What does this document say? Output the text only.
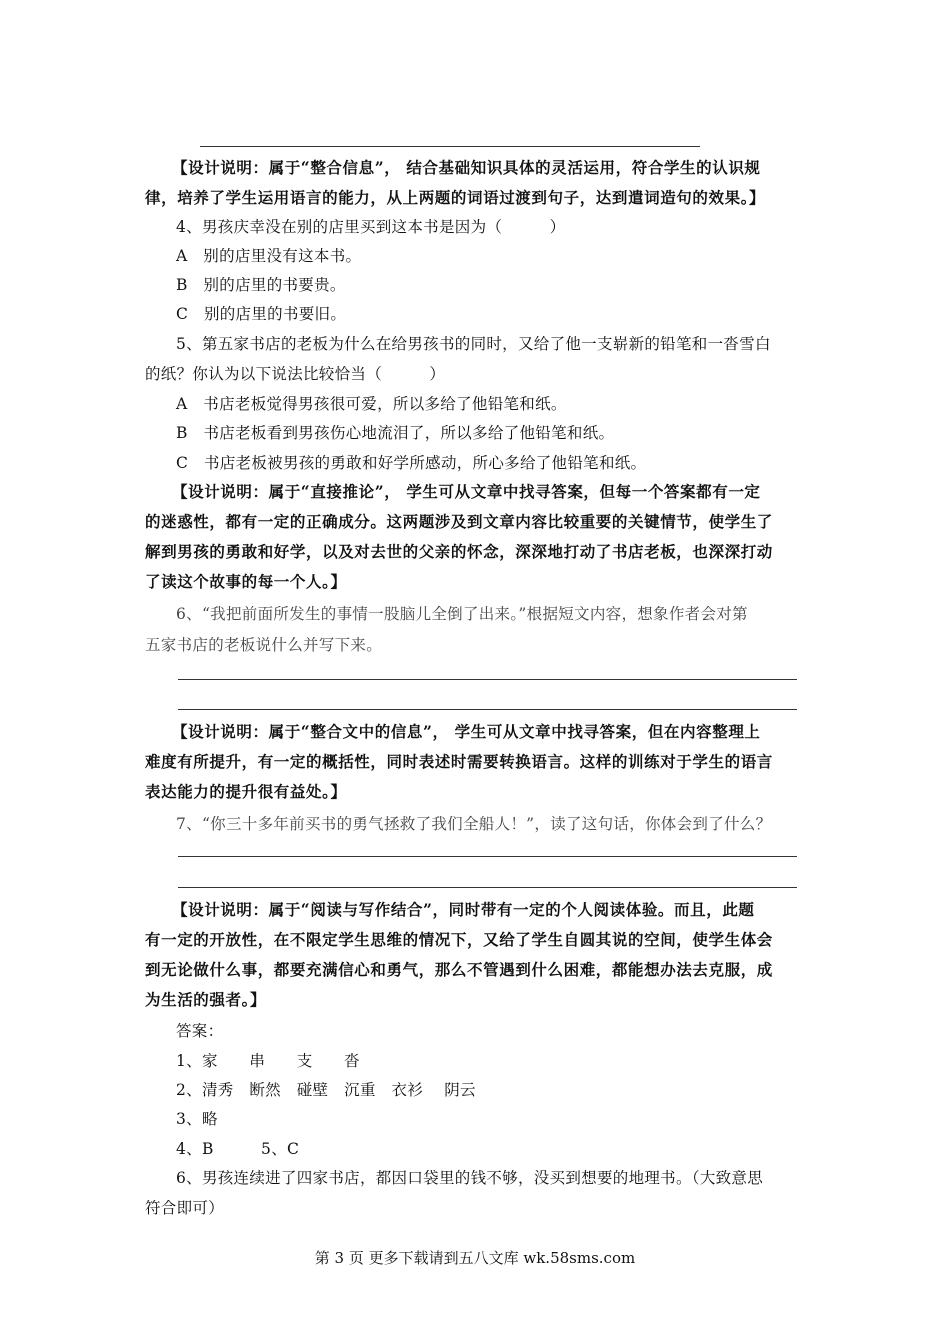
【设计说明：属于“整合信息”， 结合基础知识具体的灵活运用，符合学生的认识规
律，培养了学生运用语言的能力，从上两题的词语过渡到句子，达到遣词造句的效果。】
4、男孩庆幸没在别的店里买到这本书是因为（　　　）
A　别的店里没有这本书。
B　别的店里的书要贵。
C　别的店里的书要旧。
5、第五家书店的老板为什么在给男孩书的同时，又给了他一支崭新的铅笔和一沓雪白
的纸？你认为以下说法比较恰当（　　　）
A　书店老板觉得男孩很可爱，所以多给了他铅笔和纸。
B　书店老板看到男孩伤心地流泪了，所以多给了他铅笔和纸。
C　书店老板被男孩的勇敢和好学所感动，所心多给了他铅笔和纸。
【设计说明：属于“直接推论”， 学生可从文章中找寻答案，但每一个答案都有一定
的迷惑性，都有一定的正确成分。这两题涉及到文章内容比较重要的关键情节，使学生了
解到男孩的勇敢和好学，以及对去世的父亲的怀念，深深地打动了书店老板，也深深打动
了读这个故事的每一个人。】
6、“我把前面所发生的事情一股脑儿全倒了出来。”根据短文内容，想象作者会对第
五家书店的老板说什么并写下来。
【设计说明：属于“整合文中的信息”， 学生可从文章中找寻答案，但在内容整理上
难度有所提升，有一定的概括性，同时表述时需要转换语言。这样的训练对于学生的语言
表达能力的提升很有益处。】
7、“你三十多年前买书的勇气拯救了我们全船人！”，读了这句话，你体会到了什么？
【设计说明：属于“阅读与写作结合”，同时带有一定的个人阅读体验。而且，此题
有一定的开放性，在不限定学生思维的情况下，又给了学生自圆其说的空间，使学生体会
到无论做什么事，都要充满信心和勇气，那么不管遇到什么困难，都能想办法去克服，成
为生活的强者。】
答案：
1、家　　串　　支　　沓
2、清秀　断然　碰壁　沉重　衣衫　 阴云
3、略
4、B　　　5、C
6、男孩连续进了四家书店，都因口袋里的钱不够，没买到想要的地理书。（大致意思
符合即可）
第 3 页 更多下载请到五八文库 wk.58sms.com
